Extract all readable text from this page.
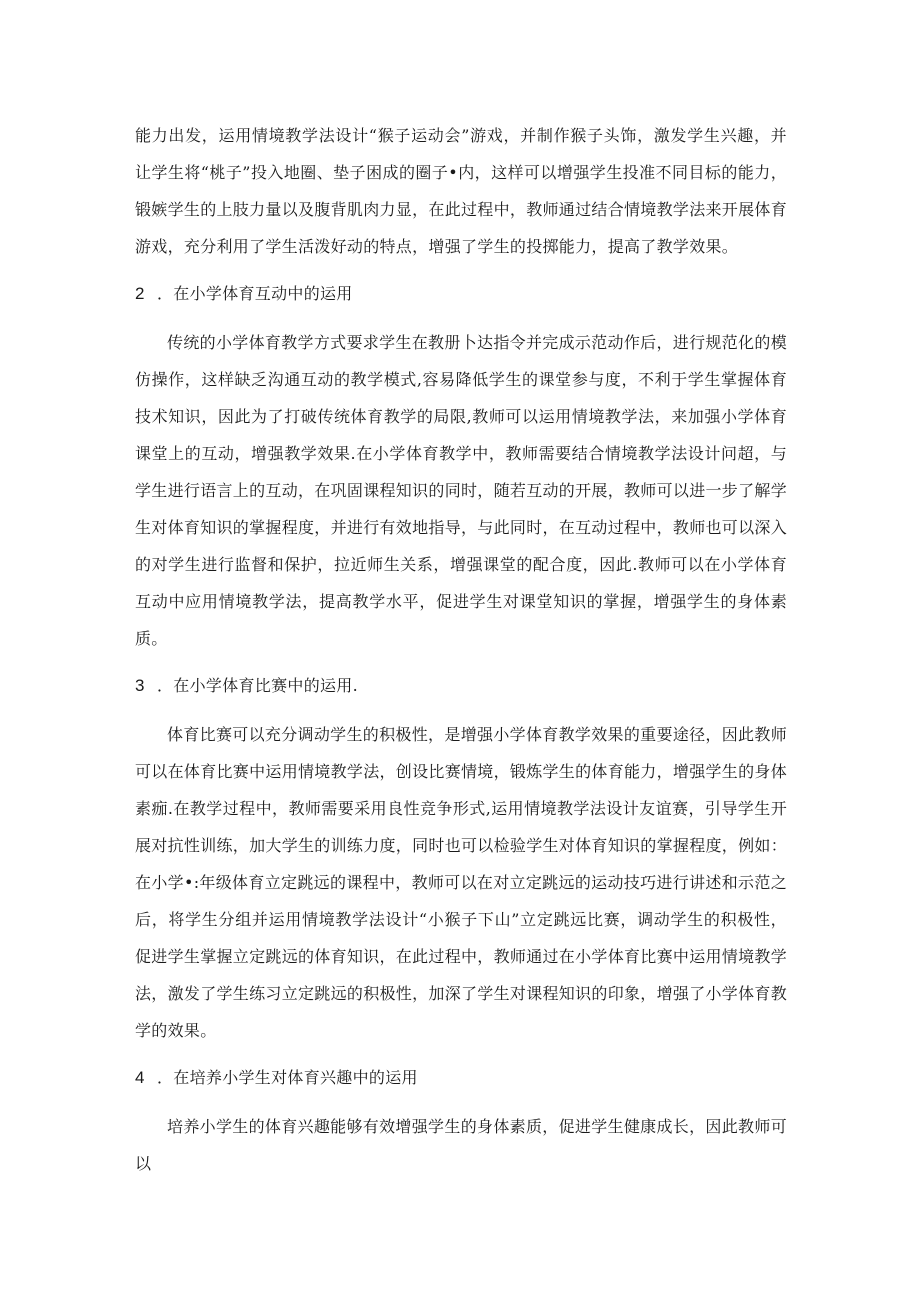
能力出发，运用情境教学法设计“猴子运动会”游戏，并制作猴子头饰，激发学生兴趣，并让学生将“桃子”投入地圈、垫子困成的圈子•内，这样可以增强学生投准不同目标的能力，锻嫉学生的上肢力量以及腹背肌肉力显，在此过程中，教师通过结合情境教学法来开展体育游戏，充分利用了学生活泼好动的特点，增强了学生的投掷能力，提高了教学效果。

2 ．在小学体育互动中的运用

传统的小学体育教学方式要求学生在教册卜达指令并完成示范动作后，进行规范化的模仿操作，这样缺乏沟通互动的教学模式,容易降低学生的课堂参与度，不利于学生掌握体育技术知识，因此为了打破传统体育教学的局限,教师可以运用情境教学法，来加强小学体育课堂上的互动，增强教学效果.在小学体育教学中，教师需要结合情境教学法设计问超，与学生进行语言上的互动，在巩固课程知识的同时，随若互动的开展，教师可以进一步了解学生对体育知识的掌握程度，并进行有效地指导，与此同时，在互动过程中，教师也可以深入的对学生进行监督和保护，拉近师生关系，增强课堂的配合度，因此.教师可以在小学体育互动中应用情境教学法，提高教学水平，促进学生对课堂知识的掌握，增强学生的身体素质。

3 ．在小学体育比赛中的运用.

体育比赛可以充分调动学生的积极性，是增强小学体育教学效果的重要途径，因此教师可以在体育比赛中运用情境教学法，创设比赛情境，锻炼学生的体育能力，增强学生的身体素痂.在教学过程中，教师需要采用良性竞争形式,运用情境教学法设计友谊赛，引导学生开展对抗性训练，加大学生的训练力度，同时也可以检验学生对体育知识的掌握程度，例如：在小学•:年级体育立定跳远的课程中，教师可以在对立定跳远的运动技巧进行讲述和示范之后，将学生分组并运用情境教学法设计“小猴子下山”立定跳远比赛，调动学生的积极性，促进学生掌握立定跳远的体育知识，在此过程中，教师通过在小学体育比赛中运用情境教学法，激发了学生练习立定跳远的积极性，加深了学生对课程知识的印象，增强了小学体育教学的效果。

4 ．在培养小学生对体育兴趣中的运用

培养小学生的体育兴趣能够有效增强学生的身体素质，促进学生健康成长，因此教师可以
